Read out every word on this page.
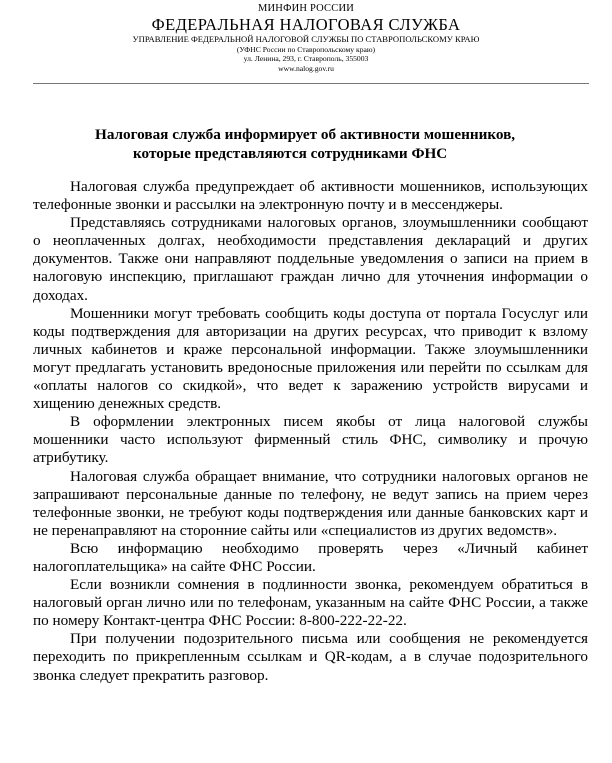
МИНФИН РОССИИ
ФЕДЕРАЛЬНАЯ НАЛОГОВАЯ СЛУЖБА
УПРАВЛЕНИЕ ФЕДЕРАЛЬНОЙ НАЛОГОВОЙ СЛУЖБЫ ПО СТАВРОПОЛЬСКОМУ КРАЮ
(УФНС России по Ставропольскому краю)
ул. Ленина, 293, г. Ставрополь, 355003
www.nalog.gov.ru
Налоговая служба информирует об активности мошенников,
которые представляются сотрудниками ФНС

Налоговая служба предупреждает об активности мошенников, использующих телефонные звонки и рассылки на электронную почту и в мессенджеры.

Представляясь сотрудниками налоговых органов, злоумышленники сообщают о неоплаченных долгах, необходимости представления деклараций и других документов. Также они направляют поддельные уведомления о записи на прием в налоговую инспекцию, приглашают граждан лично для уточнения информации о доходах.

Мошенники могут требовать сообщить коды доступа от портала Госуслуг или коды подтверждения для авторизации на других ресурсах, что приводит к взлому личных кабинетов и краже персональной информации. Также злоумышленники могут предлагать установить вредоносные приложения или перейти по ссылкам для «оплаты налогов со скидкой», что ведет к заражению устройств вирусами и хищению денежных средств.

В оформлении электронных писем якобы от лица налоговой службы мошенники часто используют фирменный стиль ФНС, символику и прочую атрибутику.

Налоговая служба обращает внимание, что сотрудники налоговых органов не запрашивают персональные данные по телефону, не ведут запись на прием через телефонные звонки, не требуют коды подтверждения или данные банковских карт и не перенаправляют на сторонние сайты или «специалистов из других ведомств».

Всю информацию необходимо проверять через «Личный кабинет налогоплательщика» на сайте ФНС России.

Если возникли сомнения в подлинности звонка, рекомендуем обратиться в налоговый орган лично или по телефонам, указанным на сайте ФНС России, а также по номеру Контакт-центра ФНС России: 8-800-222-22-22.

При получении подозрительного письма или сообщения не рекомендуется переходить по прикрепленным ссылкам и QR-кодам, а в случае подозрительного звонка следует прекратить разговор.
